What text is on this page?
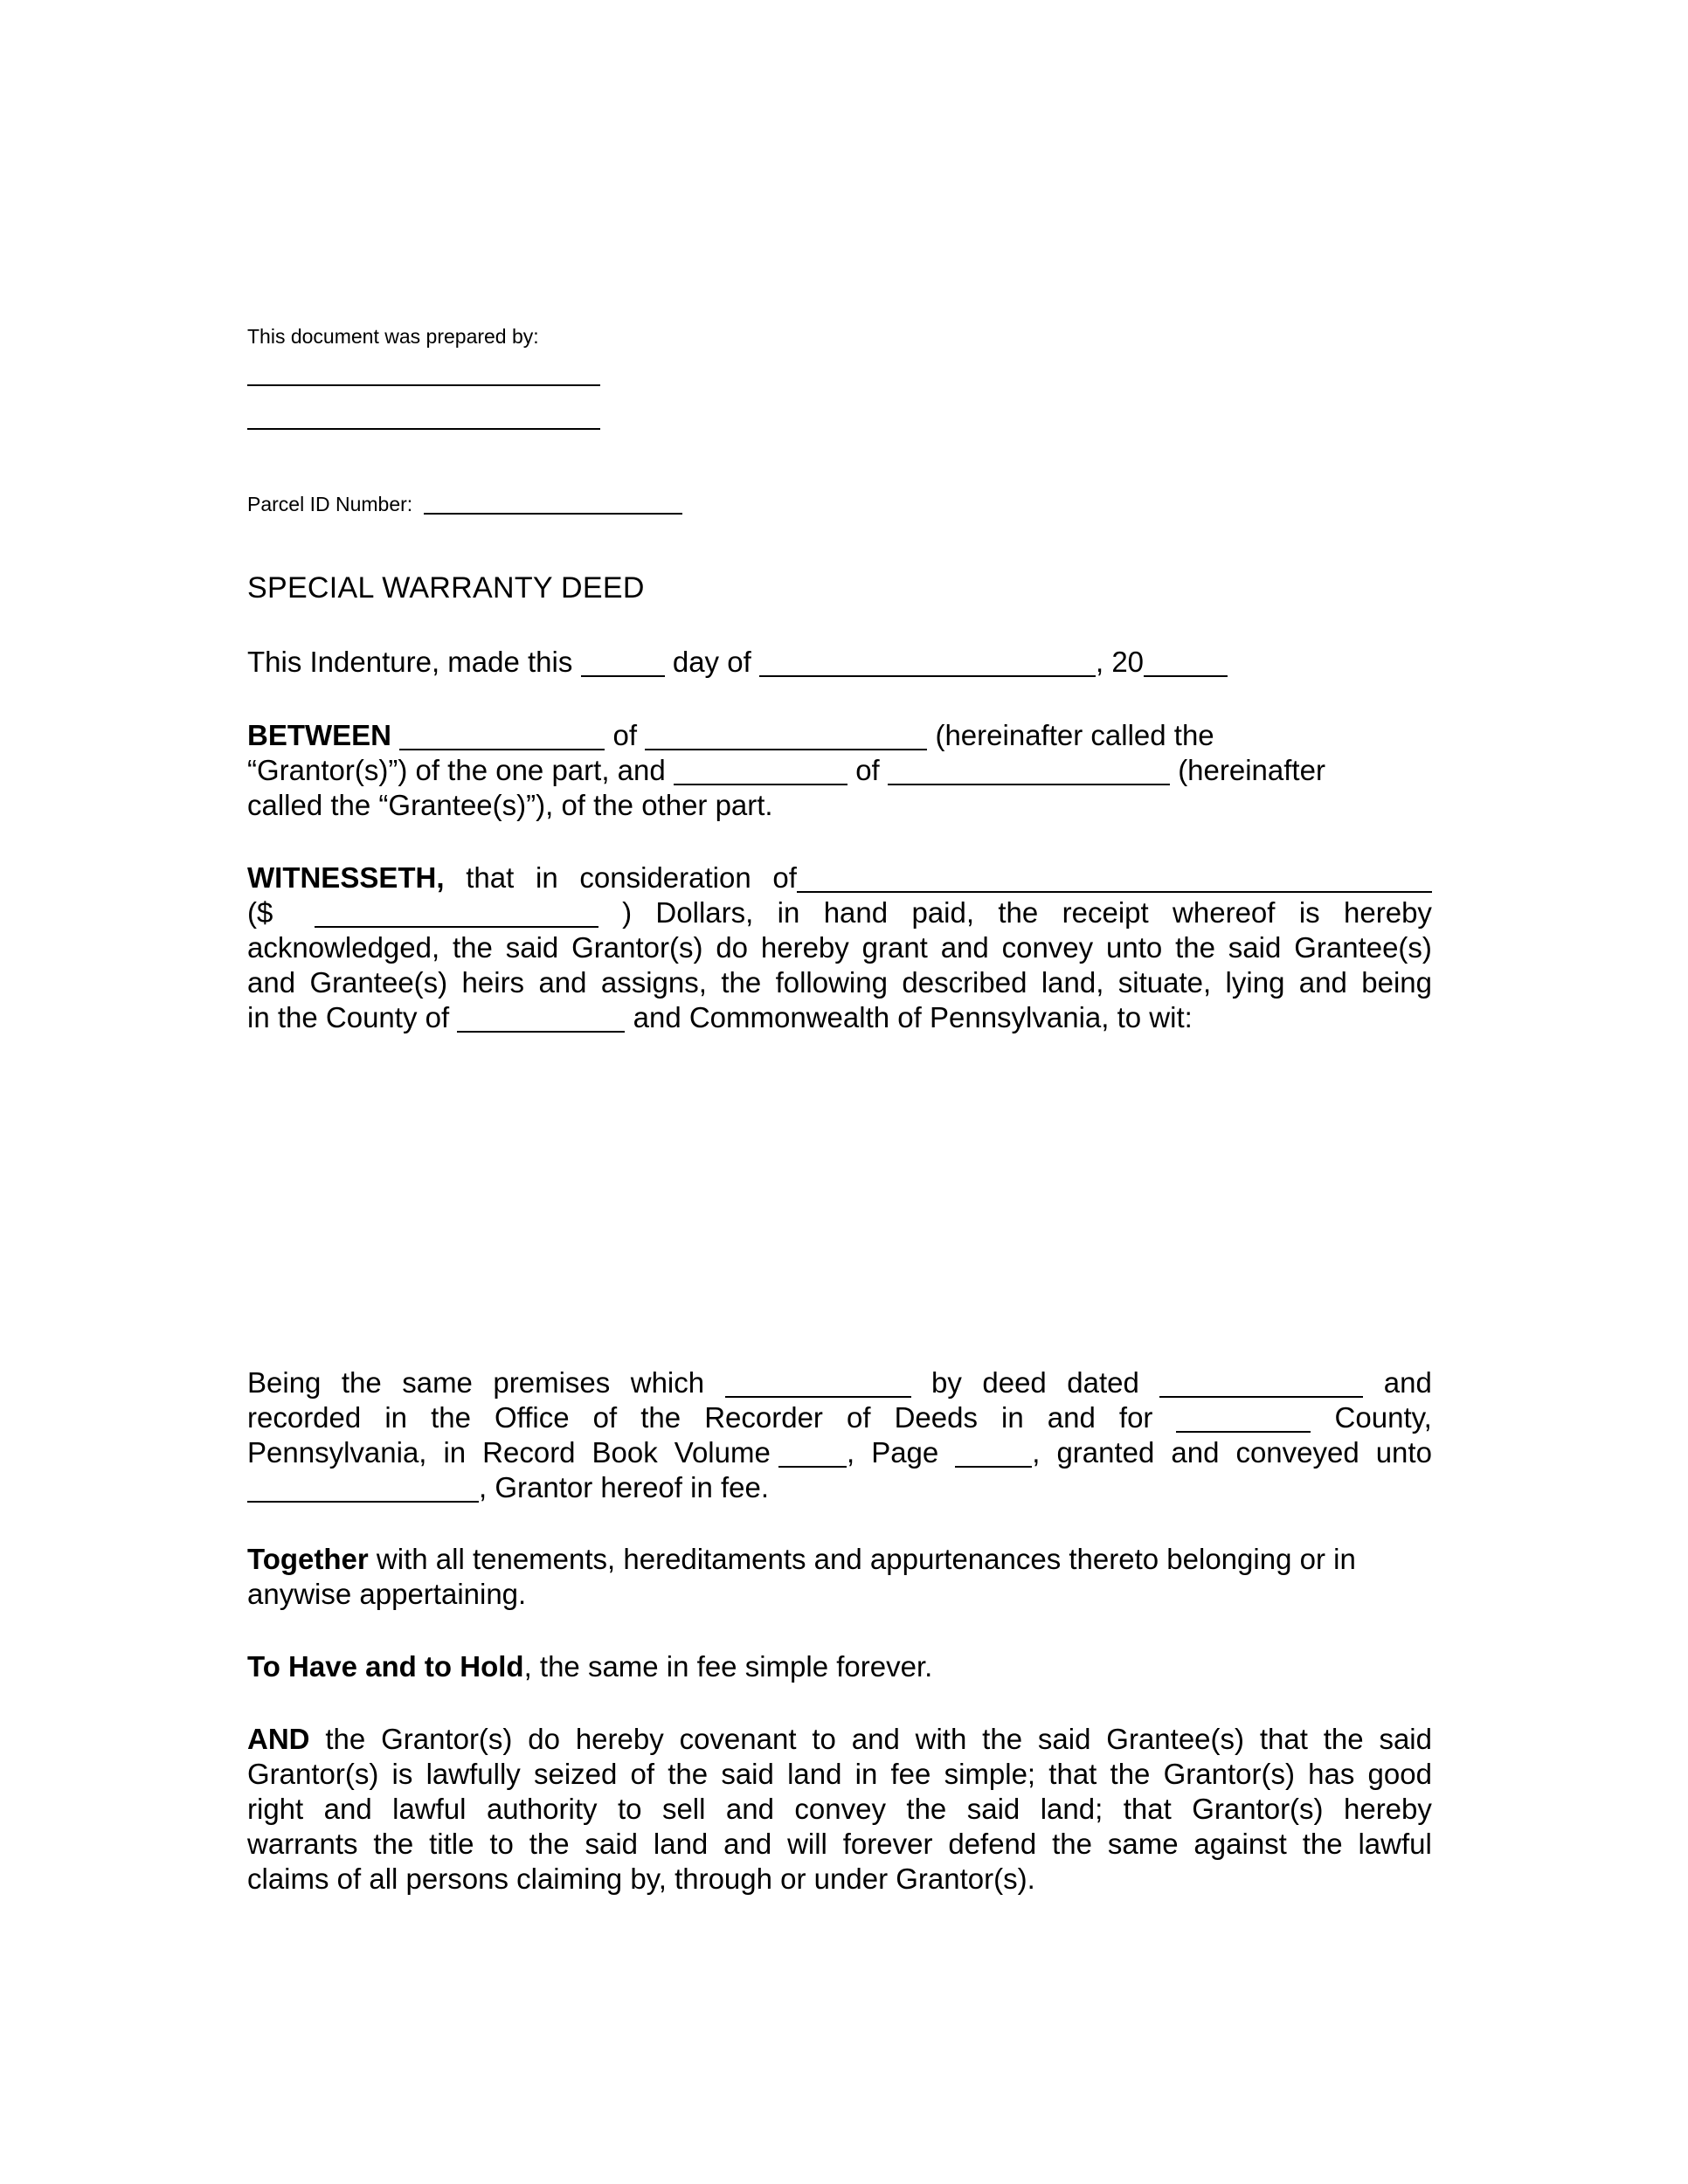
This document was prepared by:
Parcel ID Number:
SPECIAL WARRANTY DEED
This Indenture, made this	day of	, 20
BETWEEN	of	(hereinafter called the
“Grantor(s)”) of the one part, and	of	(hereinafter
called the “Grantee(s)”), of the other part.
WITNESSETH, that in consideration of
($	) Dollars, in hand paid, the receipt whereof is hereby
acknowledged, the said Grantor(s) do hereby grant and convey unto the said Grantee(s)
and Grantee(s) heirs and assigns, the following described land, situate, lying and being
in the County of	and Commonwealth of Pennsylvania, to wit:
Being the same premises which	by deed dated	and
recorded in the Office of the Recorder of Deeds in and for	County,
Pennsylvania, in Record Book Volume	, Page	, granted and conveyed unto
, Grantor hereof in fee.
Together with all tenements, hereditaments and appurtenances thereto belonging or in
anywise appertaining.
To Have and to Hold, the same in fee simple forever.
AND the Grantor(s) do hereby covenant to and with the said Grantee(s) that the said
Grantor(s) is lawfully seized of the said land in fee simple; that the Grantor(s) has good
right and lawful authority to sell and convey the said land; that Grantor(s) hereby
warrants the title to the said land and will forever defend the same against the lawful
claims of all persons claiming by, through or under Grantor(s).
